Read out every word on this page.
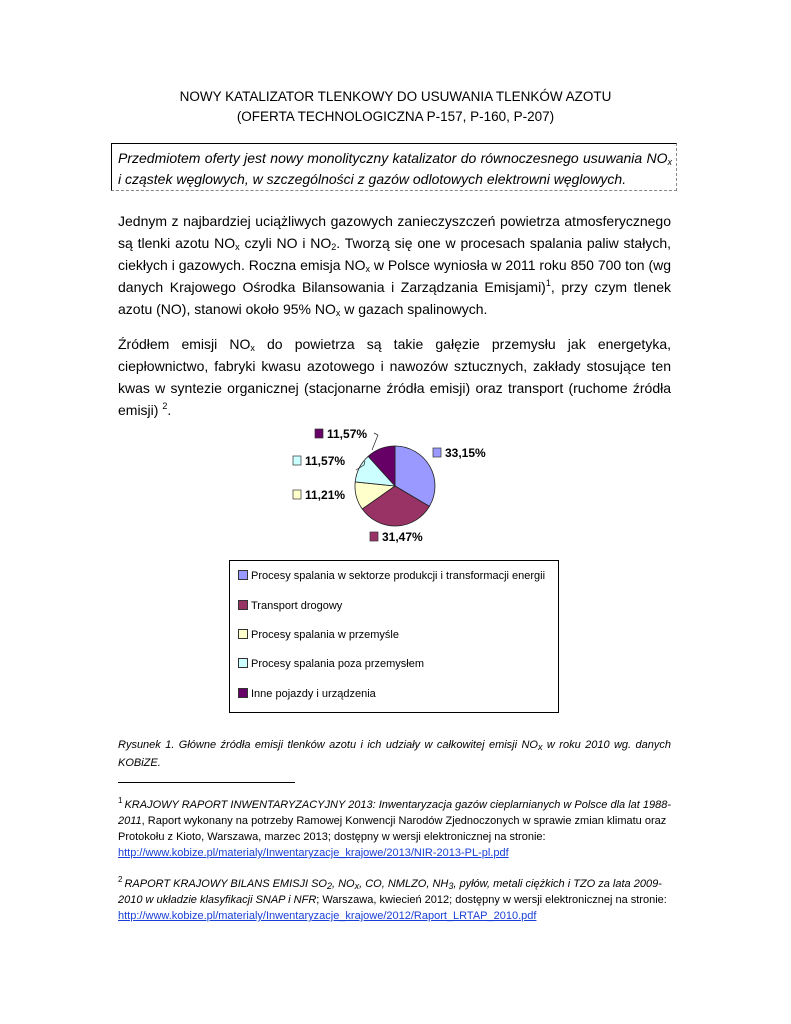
NOWY KATALIZATOR TLENKOWY DO USUWANIA TLENKÓW AZOTU
(OFERTA TECHNOLOGICZNA P-157, P-160, P-207)
Przedmiotem oferty jest nowy monolityczny katalizator do równoczesnego usuwania $NO_x$ i cząstek węglowych, w szczególności z gazów odlotowych elektrowni węglowych.
Jednym z najbardziej uciążliwych gazowych zanieczyszczeń powietrza atmosferycznego są tlenki azotu $NO_x$ czyli NO i $NO_2$. Tworzą się one w procesach spalania paliw stałych, ciekłych i gazowych. Roczna emisja $NO_x$ w Polsce wyniosła w 2011 roku 850 700 ton (wg danych Krajowego Ośrodka Bilansowania i Zarządzania Emisjami)$^1$, przy czym tlenek azotu (NO), stanowi około 95% $NO_x$ w gazach spalinowych.
Źródłem emisji $NO_x$ do powietrza są takie gałęzie przemysłu jak energetyka, ciepłownictwo, fabryki kwasu azotowego i nawozów sztucznych, zakłady stosujące ten kwas w syntezie organicznej (stacjonarne źródła emisji) oraz transport (ruchome źródła emisji) $^2$.
33,15%
31,47%
11,21%
11,57%
11,57%
Procesy spalania w sektorze produkcji i transformacji energii
Transport drogowy
Procesy spalania w przemyśle
Procesy spalania poza przemysłem
Inne pojazdy i urządzenia
Rysunek 1. Główne źródła emisji tlenków azotu i ich udziały w całkowitej emisji $NO_x$ w roku 2010 wg. danych KOBiZE.
$^1$ KRAJOWY RAPORT INWENTARYZACYJNY 2013: Inwentaryzacja gazów cieplarnianych w Polsce dla lat 1988-2011, Raport wykonany na potrzeby Ramowej Konwencji Narodów Zjednoczonych w sprawie zmian klimatu oraz Protokołu z Kioto, Warszawa, marzec 2013; dostępny w wersji elektronicznej na stronie:
http://www.kobize.pl/materialy/Inwentaryzacje_krajowe/2013/NIR-2013-PL-pl.pdf
$^2$ RAPORT KRAJOWY BILANS EMISJI $SO_2$, $NO_x$, CO, NMLZO, $NH_3$, pyłów, metali ciężkich i TZO za lata 2009-2010 w układzie klasyfikacji SNAP i NFR; Warszawa, kwiecień 2012; dostępny w wersji elektronicznej na stronie:
http://www.kobize.pl/materialy/Inwentaryzacje_krajowe/2012/Raport_LRTAP_2010.pdf
